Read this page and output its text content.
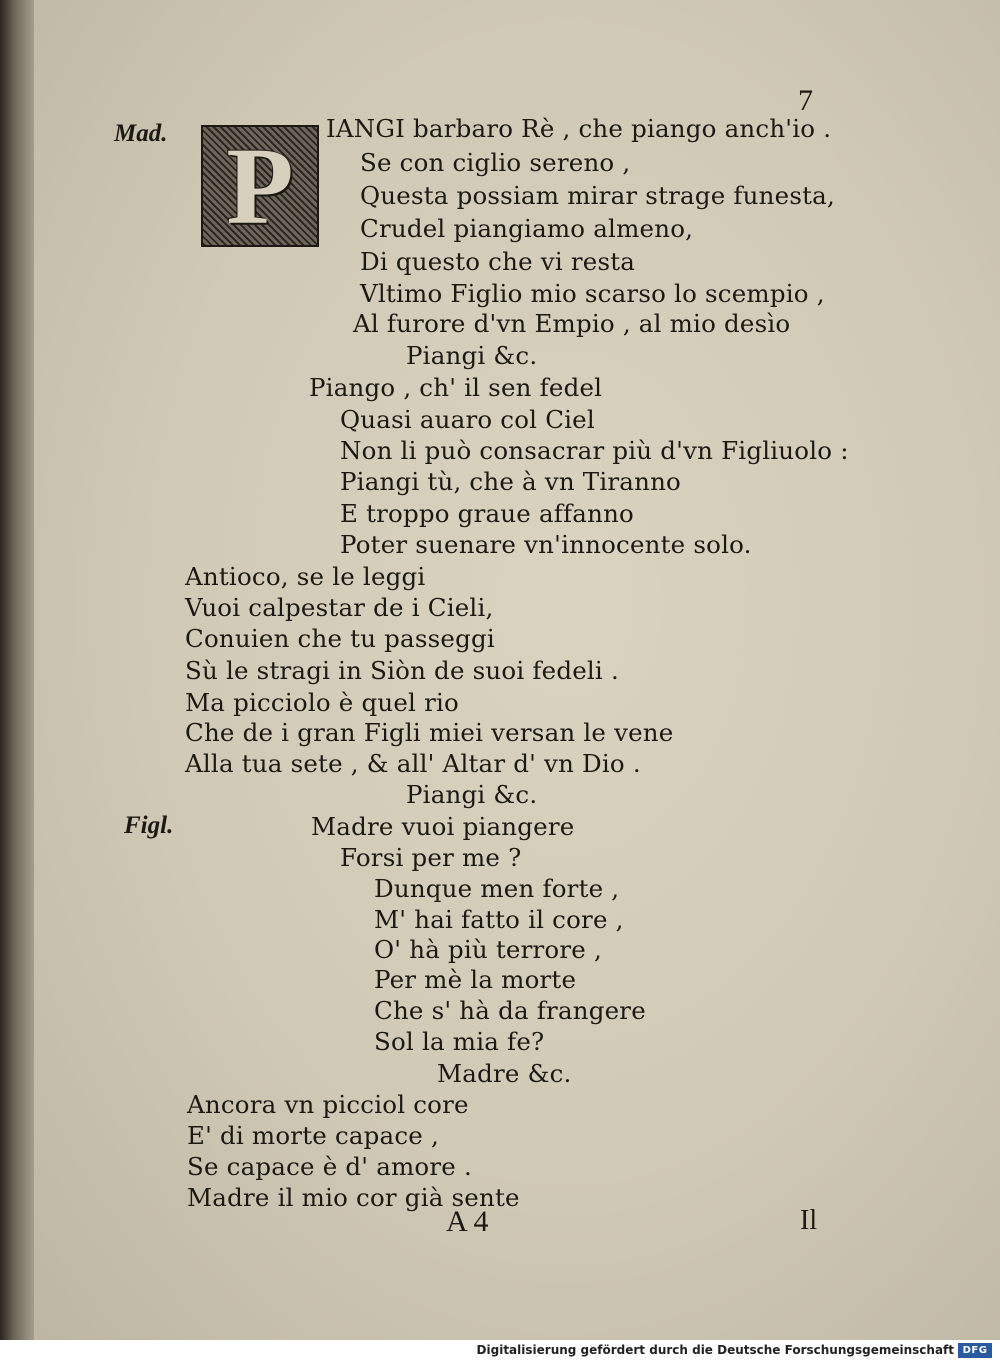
7
Mad.
Figl.
P	IANGI barbaro Rè , che piango anch'io .
Se con ciglio sereno ,
Questa possiam mirar strage funesta,
Crudel piangiamo almeno,
Di questo che vi resta
Vltimo Figlio mio scarso lo scempio ,
Al furore d'vn Empio , al mio desìo
Piangi &c.
Piango , ch' il sen fedel
Quasi auaro col Ciel
Non li può consacrar più d'vn Figliuolo :
Piangi tù, che à vn Tiranno
E troppo graue affanno
Poter suenare vn'innocente solo.
Antioco, se le leggi
Vuoi calpestar de i Cieli,
Conuien che tu passeggi
Sù le stragi in Siòn de suoi fedeli .
Ma picciolo è quel rio
Che de i gran Figli miei versan le vene
Alla tua sete , & all' Altar d' vn Dio .
Piangi &c.
Madre vuoi piangere
Forsi per me ?
Dunque men forte ,
M' hai fatto il core ,
O' hà più terrore ,
Per mè la morte
Che s' hà da frangere
Sol la mia fe?
Madre &c.
Ancora vn picciol core
E' di morte capace ,
Se capace è d' amore .
Madre il mio cor già sente
A 4	Il
Digitalisierung gefördert durch die Deutsche Forschungsgemeinschaft DFG
